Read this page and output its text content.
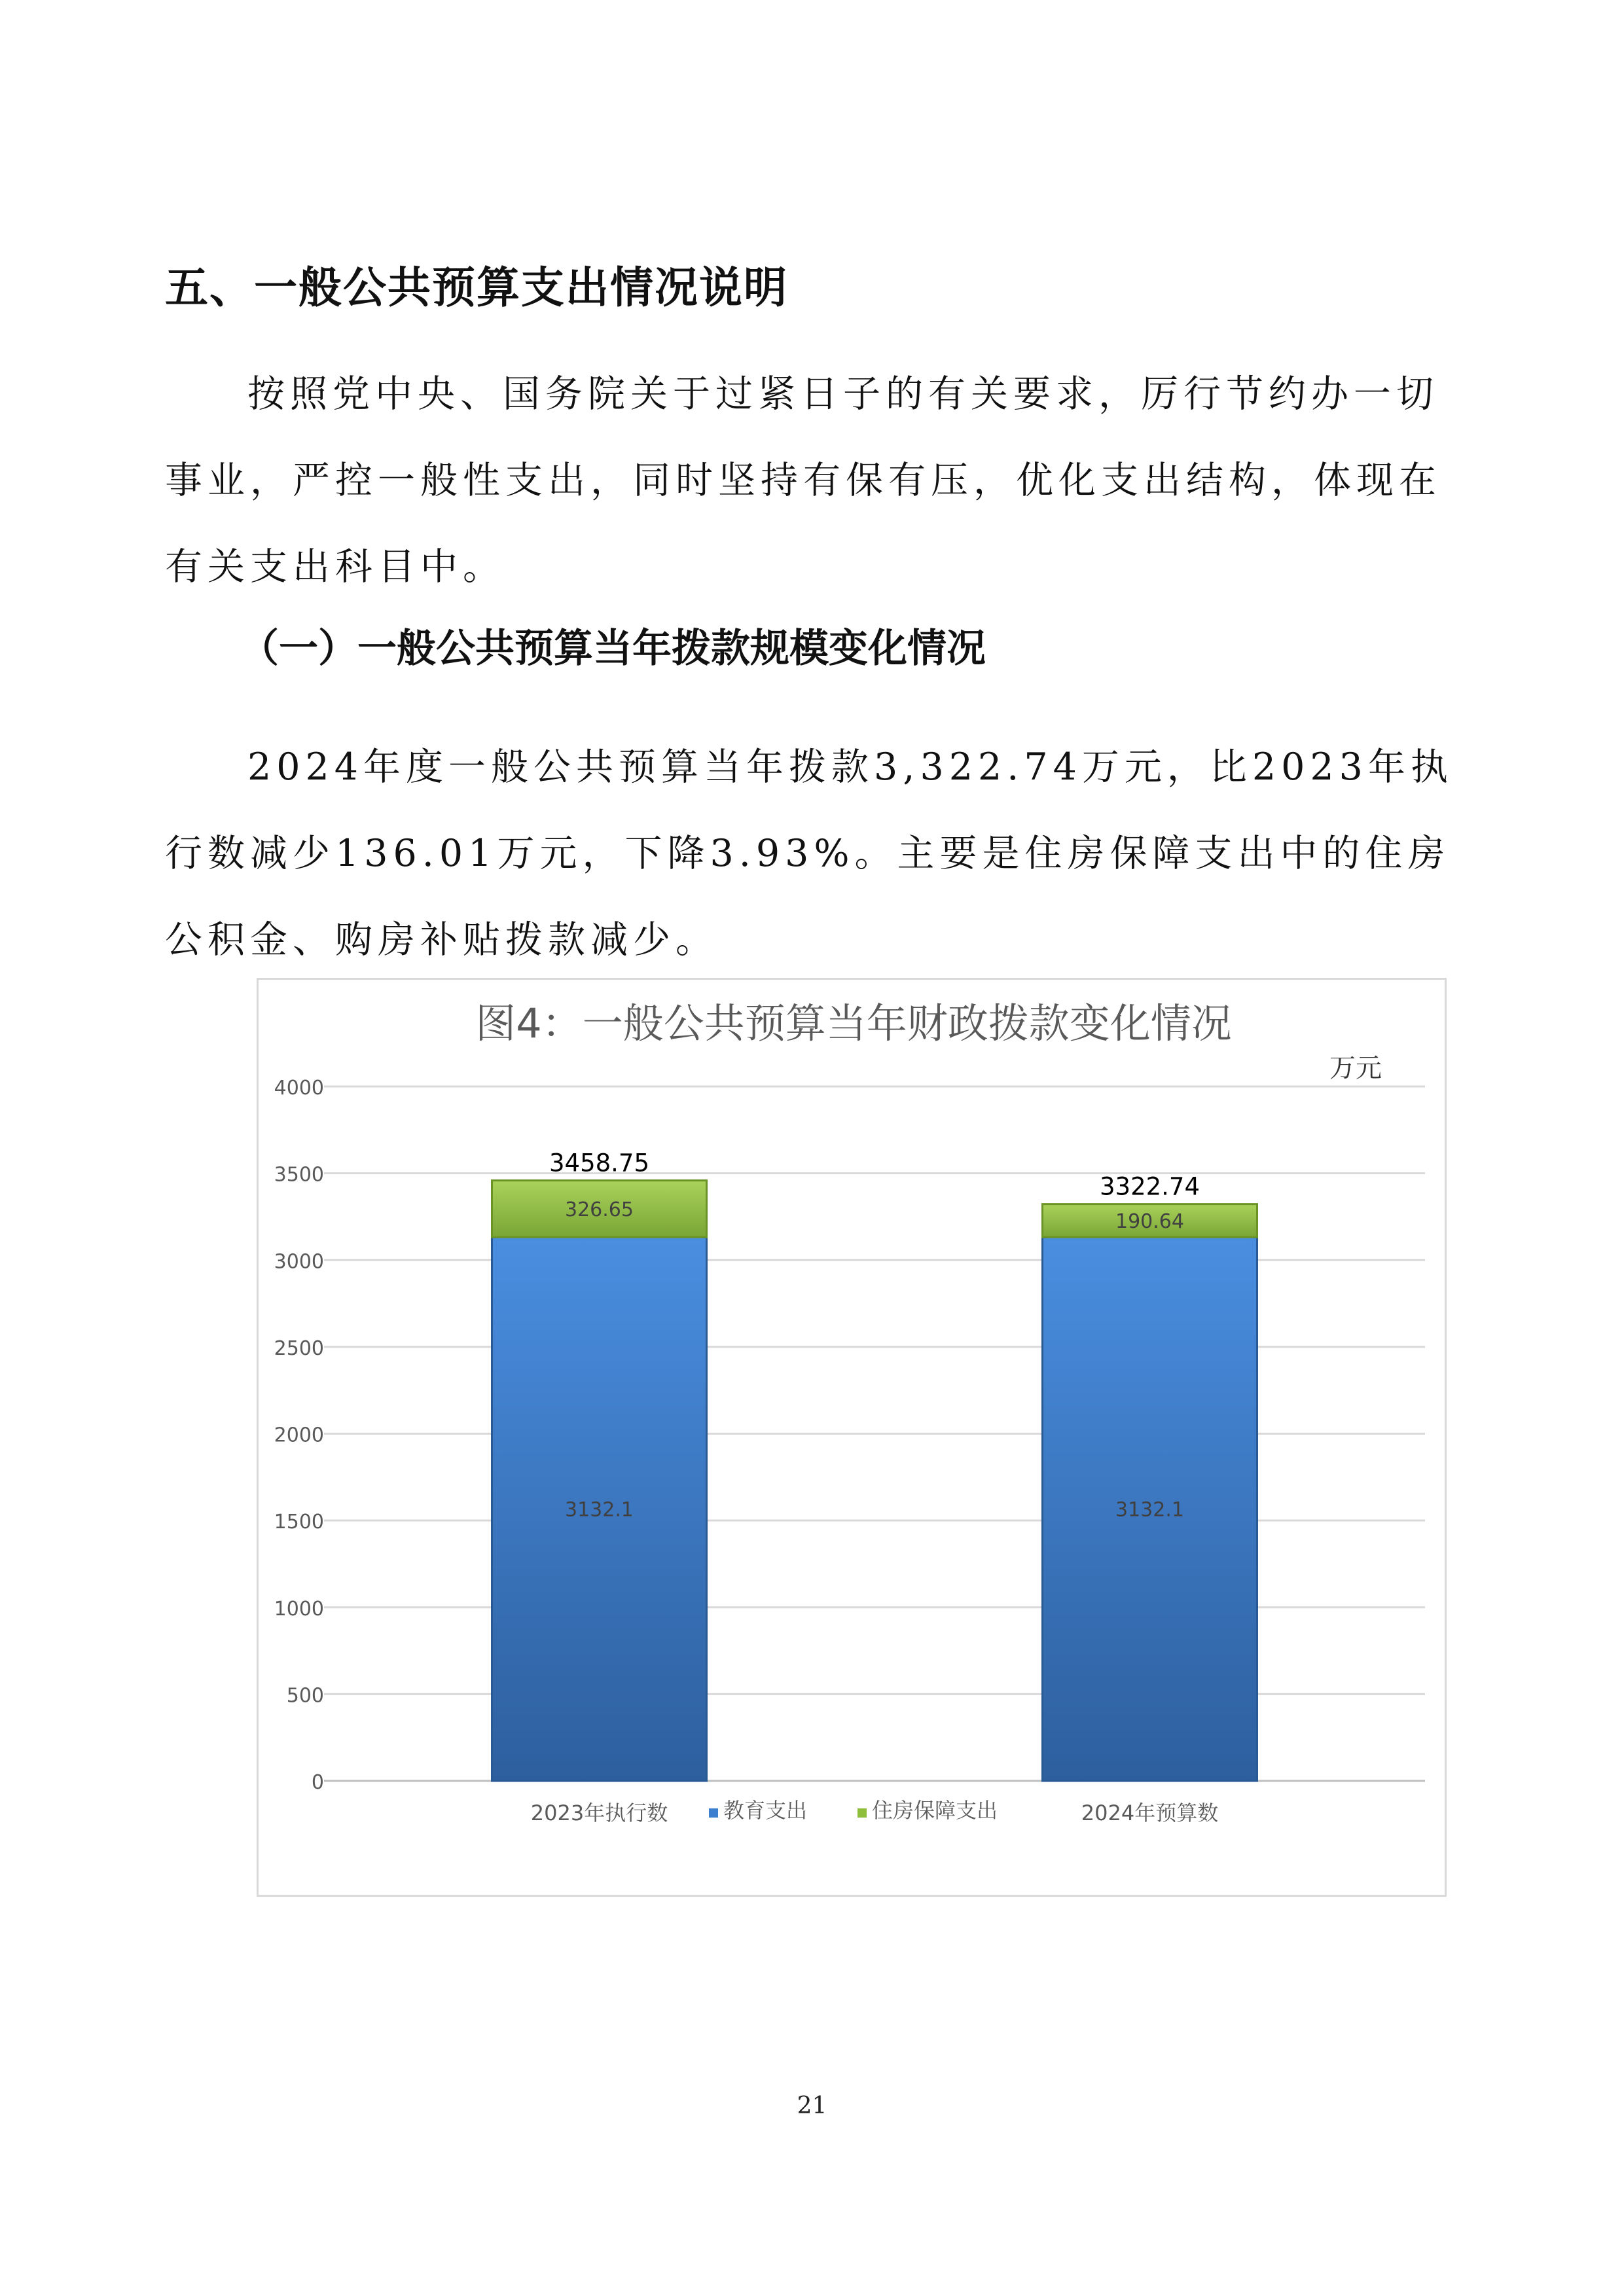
五、一般公共预算支出情况说明

按照党中央、国务院关于过紧日子的有关要求，厉行节约办一切事业，严控一般性支出，同时坚持有保有压，优化支出结构，体现在有关支出科目中。

（一）一般公共预算当年拨款规模变化情况

2024年度一般公共预算当年拨款3,322.74万元，比2023年执行数减少136.01万元，下降3.93%。主要是住房保障支出中的住房公积金、购房补贴拨款减少。

图4：一般公共预算当年财政拨款变化情况
万元
0
500
1000
1500
2000
2500
3000
3500
4000
3132.1
326.65
3458.75
2023年执行数
3132.1
190.64
3322.74
2024年预算数
教育支出	住房保障支出
21
